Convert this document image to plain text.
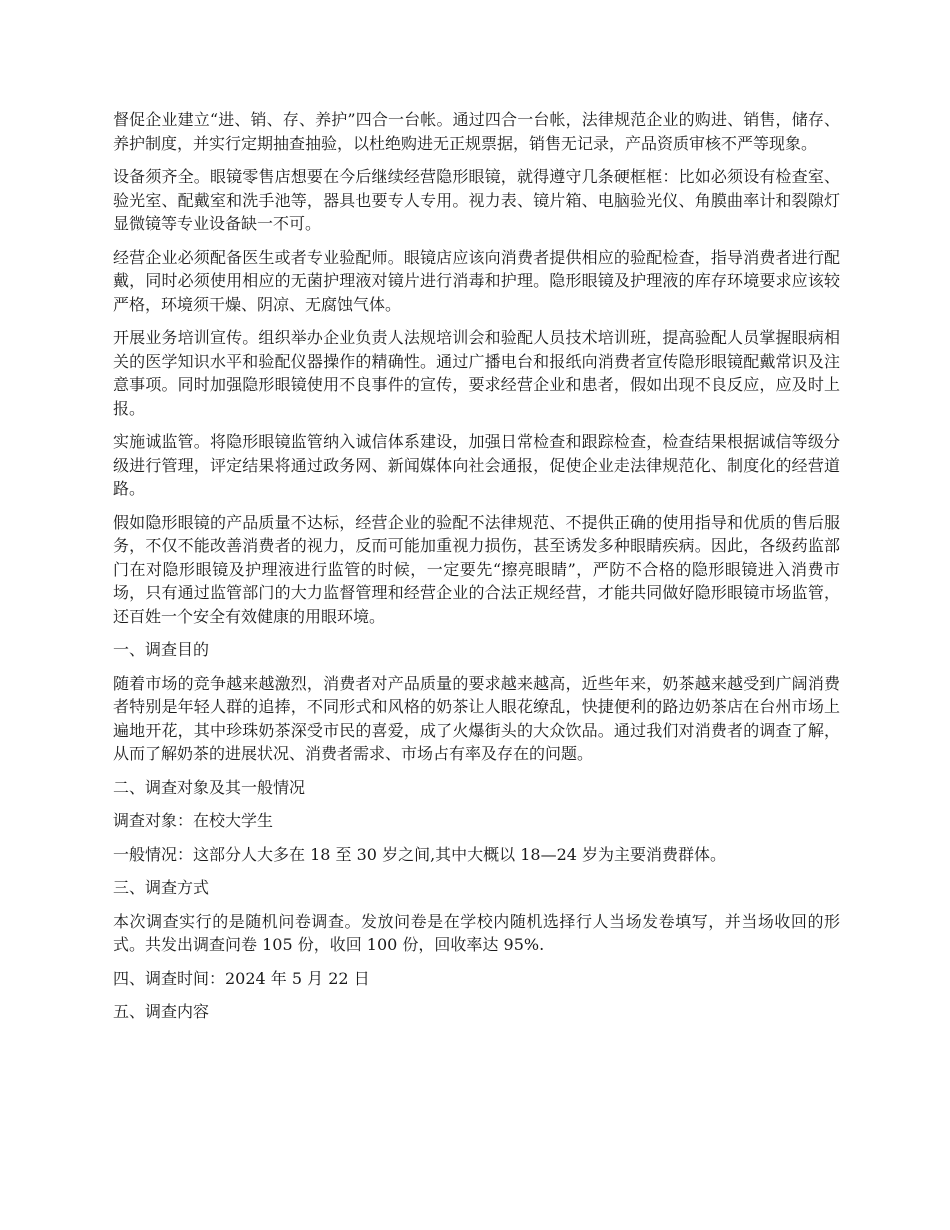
督促企业建立“进、销、存、养护”四合一台帐。通过四合一台帐，法律规范企业的购进、销售，储存、养护制度，并实行定期抽查抽验，以杜绝购进无正规票据，销售无记录，产品资质审核不严等现象。

设备须齐全。眼镜零售店想要在今后继续经营隐形眼镜，就得遵守几条硬框框：比如必须设有检查室、验光室、配戴室和洗手池等，器具也要专人专用。视力表、镜片箱、电脑验光仪、角膜曲率计和裂隙灯显微镜等专业设备缺一不可。

经营企业必须配备医生或者专业验配师。眼镜店应该向消费者提供相应的验配检查，指导消费者进行配戴，同时必须使用相应的无菌护理液对镜片进行消毒和护理。隐形眼镜及护理液的库存环境要求应该较严格，环境须干燥、阴凉、无腐蚀气体。

开展业务培训宣传。组织举办企业负责人法规培训会和验配人员技术培训班，提高验配人员掌握眼病相关的医学知识水平和验配仪器操作的精确性。通过广播电台和报纸向消费者宣传隐形眼镜配戴常识及注意事项。同时加强隐形眼镜使用不良事件的宣传，要求经营企业和患者，假如出现不良反应，应及时上报。

实施诚监管。将隐形眼镜监管纳入诚信体系建设，加强日常检查和跟踪检查，检查结果根据诚信等级分级进行管理，评定结果将通过政务网、新闻媒体向社会通报，促使企业走法律规范化、制度化的经营道路。

假如隐形眼镜的产品质量不达标，经营企业的验配不法律规范、不提供正确的使用指导和优质的售后服务，不仅不能改善消费者的视力，反而可能加重视力损伤，甚至诱发多种眼睛疾病。因此，各级药监部门在对隐形眼镜及护理液进行监管的时候，一定要先“擦亮眼睛”，严防不合格的隐形眼镜进入消费市场，只有通过监管部门的大力监督管理和经营企业的合法正规经营，才能共同做好隐形眼镜市场监管，还百姓一个安全有效健康的用眼环境。

一、调查目的

随着市场的竞争越来越激烈，消费者对产品质量的要求越来越高，近些年来，奶茶越来越受到广阔消费者特别是年轻人群的追捧，不同形式和风格的奶茶让人眼花缭乱，快捷便利的路边奶茶店在台州市场上遍地开花，其中珍珠奶茶深受市民的喜爱，成了火爆街头的大众饮品。通过我们对消费者的调查了解，从而了解奶茶的进展状况、消费者需求、市场占有率及存在的问题。

二、调查对象及其一般情况

调查对象：在校大学生

一般情况：这部分人大多在 18 至 30 岁之间,其中大概以 18—24 岁为主要消费群体。

三、调查方式

本次调查实行的是随机问卷调查。发放问卷是在学校内随机选择行人当场发卷填写，并当场收回的形式。共发出调查问卷 105 份，收回 100 份，回收率达 95%.

四、调查时间：2024 年 5 月 22 日

五、调查内容
